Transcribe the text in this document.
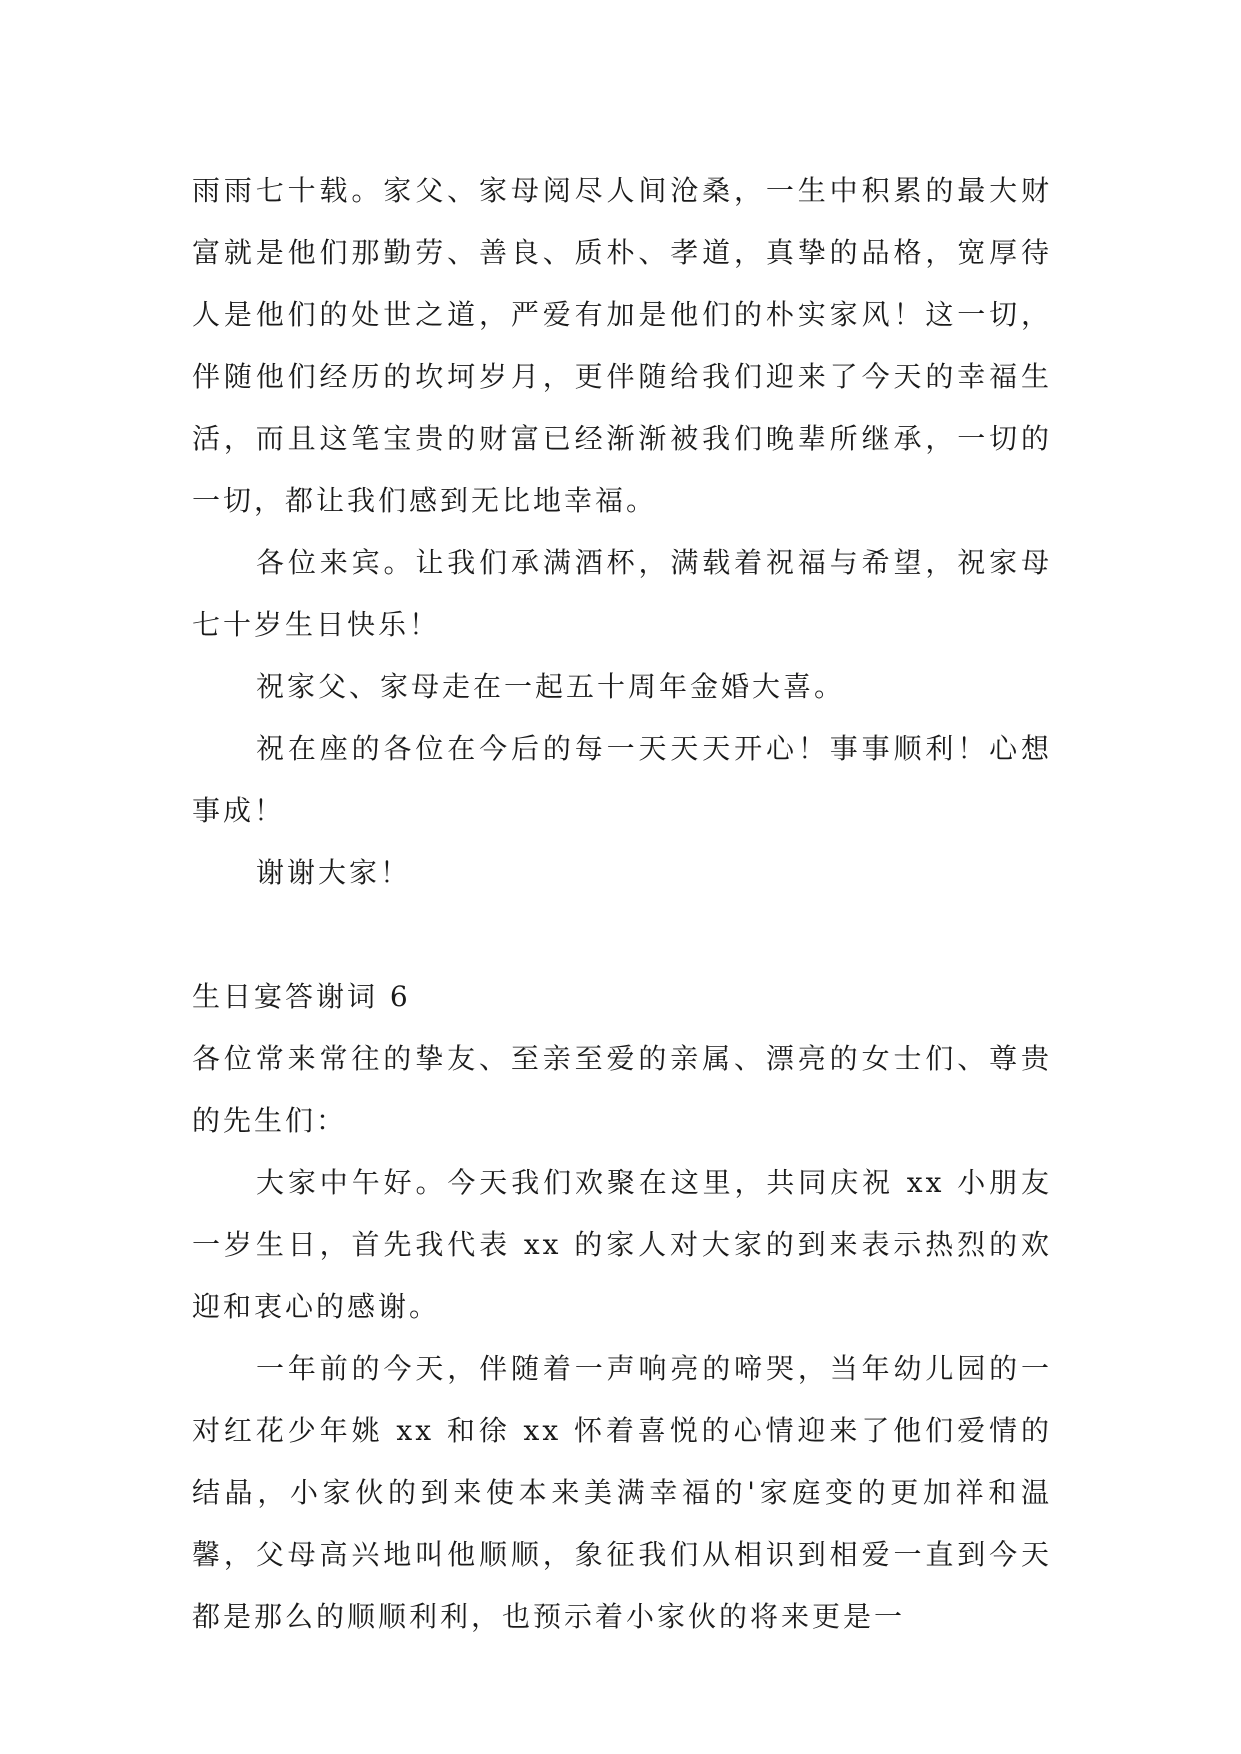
雨雨七十载。家父、家母阅尽人间沧桑，一生中积累的最大财富就是他们那勤劳、善良、质朴、孝道，真挚的品格，宽厚待人是他们的处世之道，严爱有加是他们的朴实家风！这一切，伴随他们经历的坎坷岁月，更伴随给我们迎来了今天的幸福生活，而且这笔宝贵的财富已经渐渐被我们晚辈所继承，一切的一切，都让我们感到无比地幸福。

各位来宾。让我们承满酒杯，满载着祝福与希望，祝家母七十岁生日快乐！

祝家父、家母走在一起五十周年金婚大喜。

祝在座的各位在今后的每一天天天开心！事事顺利！心想事成！

谢谢大家！

生日宴答谢词 6

各位常来常往的挚友、至亲至爱的亲属、漂亮的女士们、尊贵的先生们：

大家中午好。今天我们欢聚在这里，共同庆祝 xx 小朋友一岁生日，首先我代表 xx 的家人对大家的到来表示热烈的欢迎和衷心的感谢。

一年前的今天，伴随着一声响亮的啼哭，当年幼儿园的一对红花少年姚 xx 和徐 xx 怀着喜悦的心情迎来了他们爱情的结晶，小家伙的到来使本来美满幸福的'家庭变的更加祥和温馨，父母高兴地叫他顺顺，象征我们从相识到相爱一直到今天都是那么的顺顺利利，也预示着小家伙的将来更是一
